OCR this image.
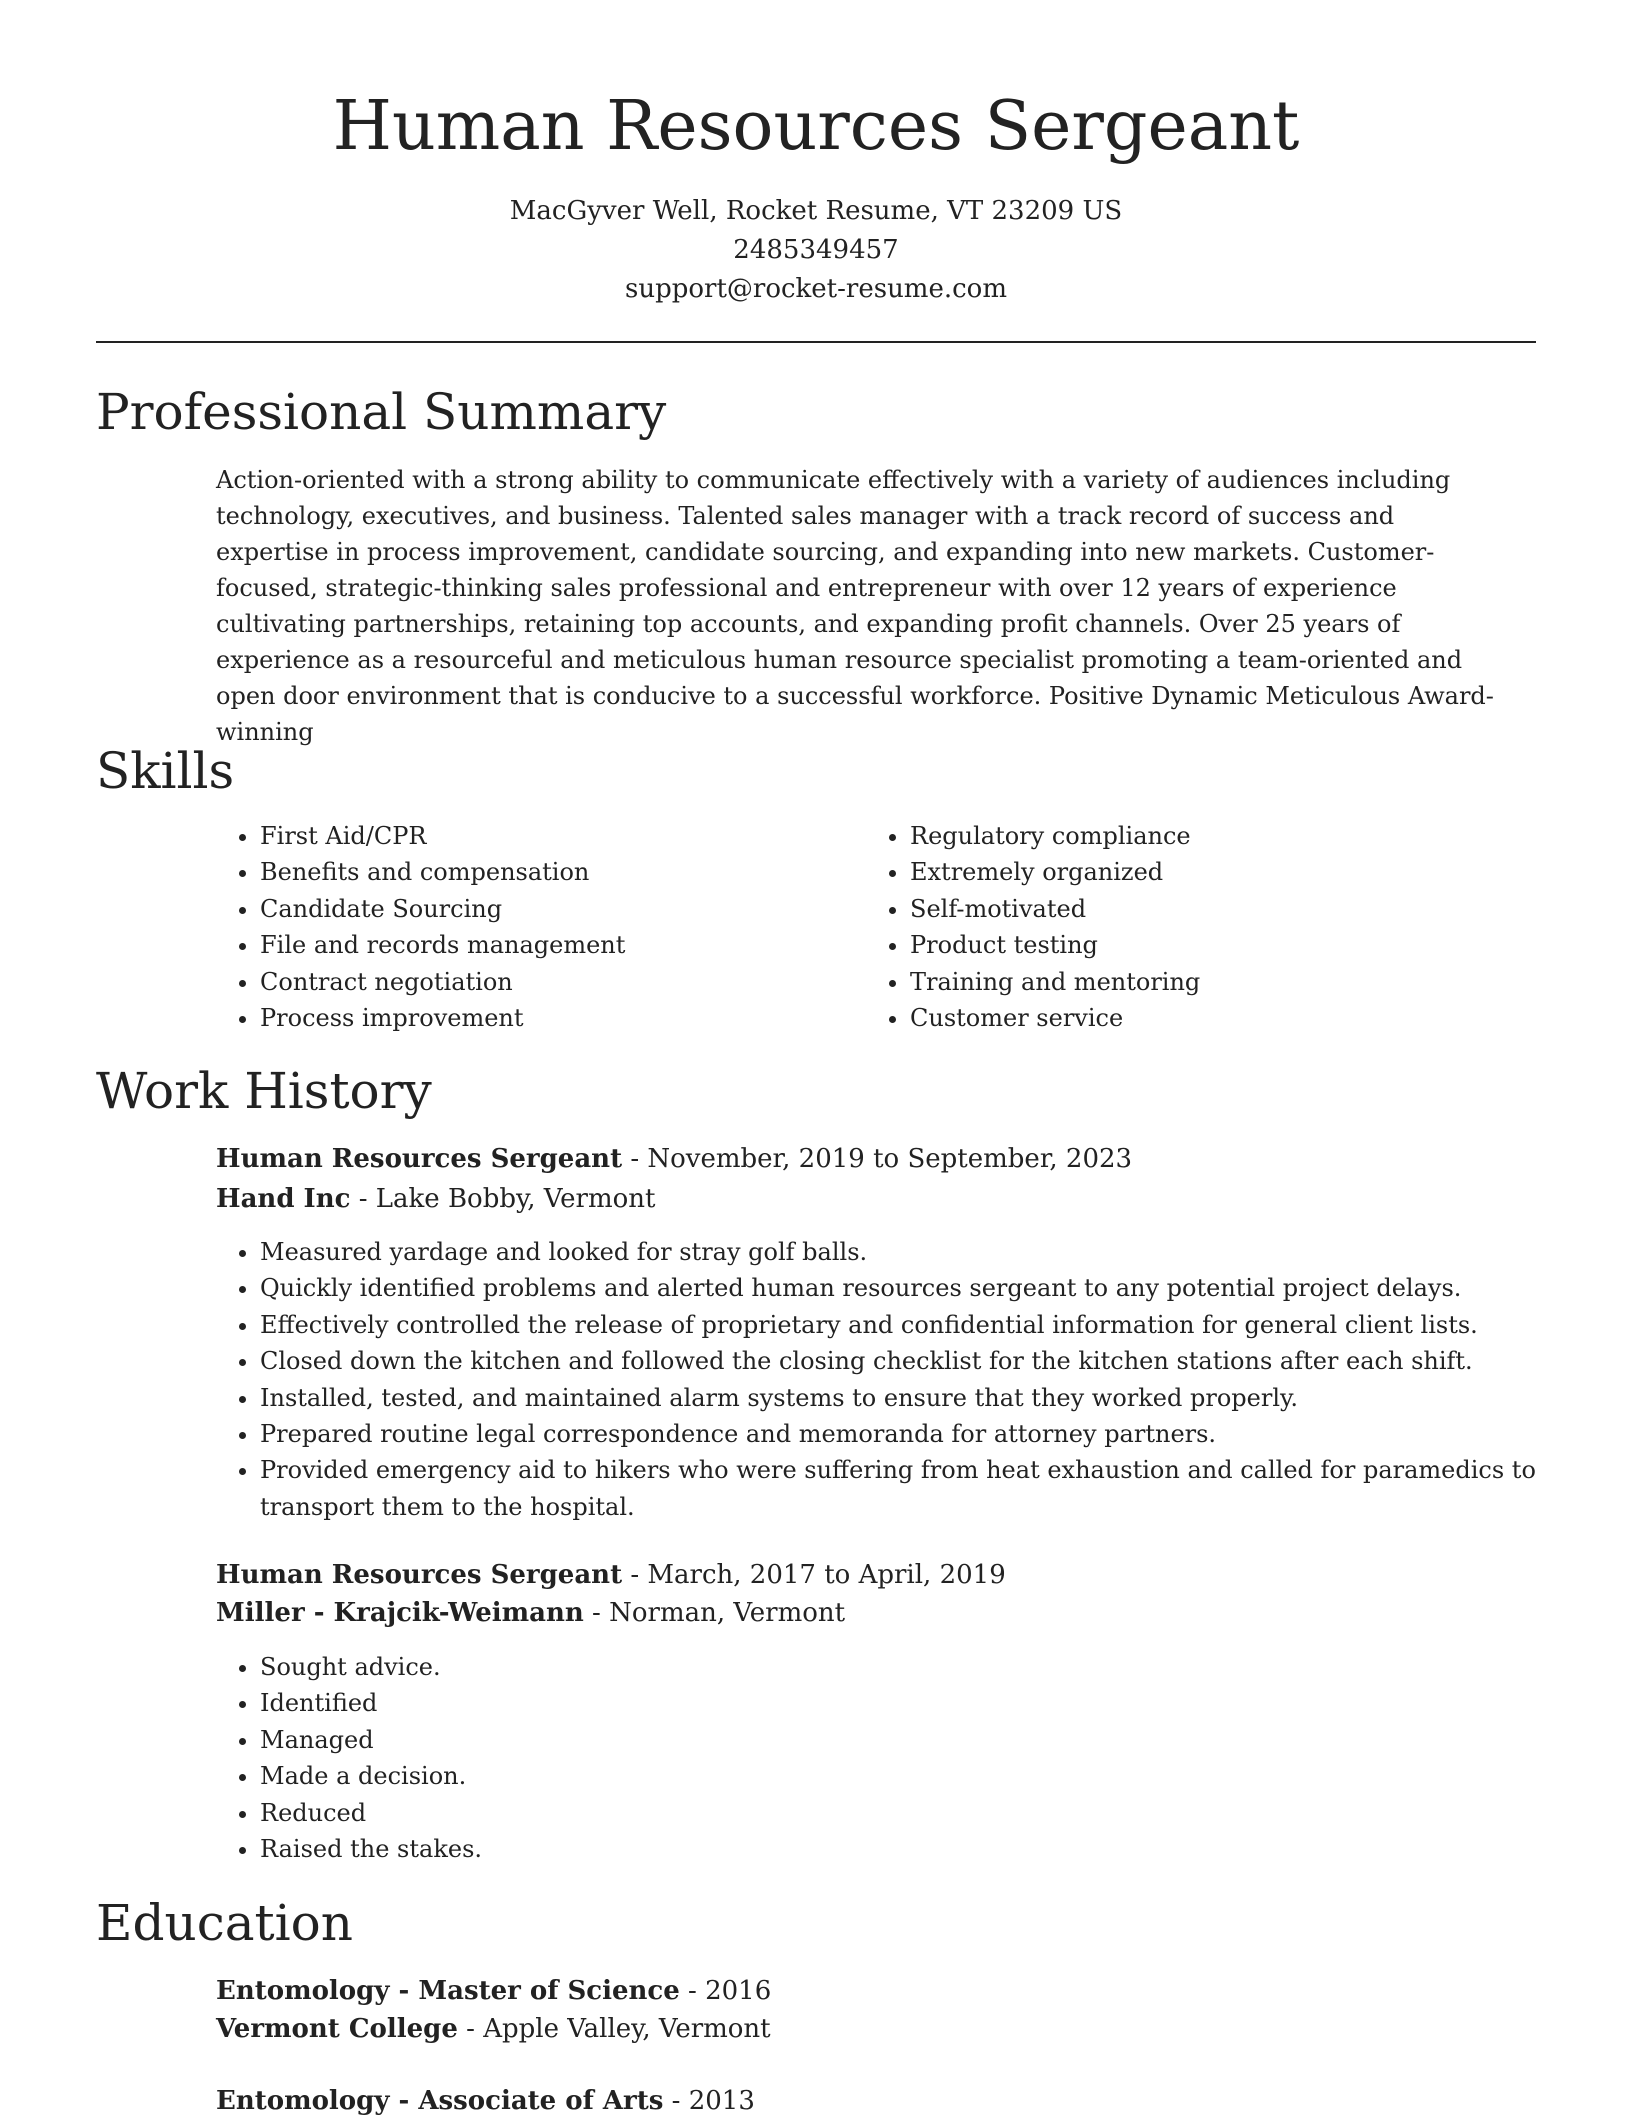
Human Resources Sergeant
MacGyver Well, Rocket Resume, VT 23209 US
2485349457
support@rocket-resume.com
Professional Summary

Action-oriented with a strong ability to communicate effectively with a variety of audiences including technology, executives, and business. Talented sales manager with a track record of success and expertise in process improvement, candidate sourcing, and expanding into new markets. Customer-focused, strategic-thinking sales professional and entrepreneur with over 12 years of experience cultivating partnerships, retaining top accounts, and expanding profit channels. Over 25 years of experience as a resourceful and meticulous human resource specialist promoting a team-oriented and open door environment that is conducive to a successful workforce. Positive Dynamic Meticulous Award-winning

Skills
• First Aid/CPR
• Benefits and compensation
• Candidate Sourcing
• File and records management
• Contract negotiation
• Process improvement
• Regulatory compliance
• Extremely organized
• Self-motivated
• Product testing
• Training and mentoring
• Customer service
Work History
Human Resources Sergeant - November, 2019 to September, 2023
Hand Inc - Lake Bobby, Vermont
• Measured yardage and looked for stray golf balls.
• Quickly identified problems and alerted human resources sergeant to any potential project delays.
• Effectively controlled the release of proprietary and confidential information for general client lists.
• Closed down the kitchen and followed the closing checklist for the kitchen stations after each shift.
• Installed, tested, and maintained alarm systems to ensure that they worked properly.
• Prepared routine legal correspondence and memoranda for attorney partners.
• Provided emergency aid to hikers who were suffering from heat exhaustion and called for paramedics to transport them to the hospital.
Human Resources Sergeant - March, 2017 to April, 2019
Miller - Krajcik-Weimann - Norman, Vermont
• Sought advice.
• Identified
• Managed
• Made a decision.
• Reduced
• Raised the stakes.
Education
Entomology - Master of Science - 2016
Vermont College - Apple Valley, Vermont
Entomology - Associate of Arts - 2013
